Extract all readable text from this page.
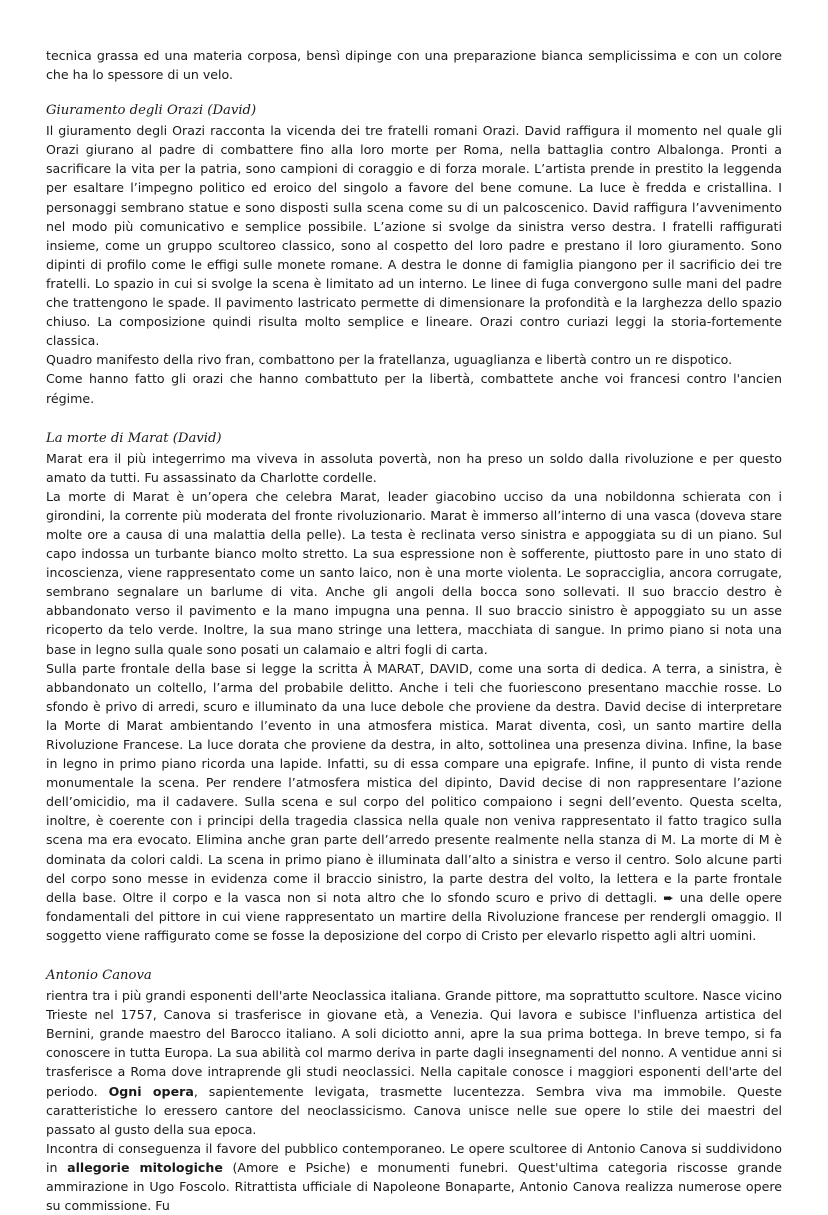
tecnica grassa ed una materia corposa, bensì dipinge con una preparazione bianca semplicissima e con un colore che ha lo spessore di un velo.

Giuramento degli Orazi (David)

Il giuramento degli Orazi racconta la vicenda dei tre fratelli romani Orazi. David raffigura il momento nel quale gli Orazi giurano al padre di combattere fino alla loro morte per Roma, nella battaglia contro Albalonga. Pronti a sacrificare la vita per la patria, sono campioni di coraggio e di forza morale. L’artista prende in prestito la leggenda per esaltare l’impegno politico ed eroico del singolo a favore del bene comune. La luce è fredda e cristallina. I personaggi sembrano statue e sono disposti sulla scena come su di un palcoscenico. David raffigura l’avvenimento nel modo più comunicativo e semplice possibile. L’azione si svolge da sinistra verso destra. I fratelli raffigurati insieme, come un gruppo scultoreo classico, sono al cospetto del loro padre e prestano il loro giuramento. Sono dipinti di profilo come le effigi sulle monete romane. A destra le donne di famiglia piangono per il sacrificio dei tre fratelli. Lo spazio in cui si svolge la scena è limitato ad un interno. Le linee di fuga convergono sulle mani del padre che trattengono le spade. Il pavimento lastricato permette di dimensionare la profondità e la larghezza dello spazio chiuso. La composizione quindi risulta molto semplice e lineare. Orazi contro curiazi leggi la storia-fortemente classica.

Quadro manifesto della rivo fran, combattono per la fratellanza, uguaglianza e libertà contro un re dispotico.

Come hanno fatto gli orazi che hanno combattuto per la libertà, combattete anche voi francesi contro l'ancien régime.

La morte di Marat (David)

Marat era il più integerrimo ma viveva in assoluta povertà, non ha preso un soldo dalla rivoluzione e per questo amato da tutti. Fu assassinato da Charlotte cordelle.

La morte di Marat è un’opera che celebra Marat, leader giacobino ucciso da una nobildonna schierata con i girondini, la corrente più moderata del fronte rivoluzionario. Marat è immerso all’interno di una vasca (doveva stare molte ore a causa di una malattia della pelle). La testa è reclinata verso sinistra e appoggiata su di un piano. Sul capo indossa un turbante bianco molto stretto. La sua espressione non è sofferente, piuttosto pare in uno stato di incoscienza, viene rappresentato come un santo laico, non è una morte violenta. Le sopracciglia, ancora corrugate, sembrano segnalare un barlume di vita. Anche gli angoli della bocca sono sollevati. Il suo braccio destro è abbandonato verso il pavimento e la mano impugna una penna. Il suo braccio sinistro è appoggiato su un asse ricoperto da telo verde. Inoltre, la sua mano stringe una lettera, macchiata di sangue. In primo piano si nota una base in legno sulla quale sono posati un calamaio e altri fogli di carta.

Sulla parte frontale della base si legge la scritta À MARAT, DAVID, come una sorta di dedica. A terra, a sinistra, è abbandonato un coltello, l’arma del probabile delitto. Anche i teli che fuoriescono presentano macchie rosse. Lo sfondo è privo di arredi, scuro e illuminato da una luce debole che proviene da destra. David decise di interpretare la Morte di Marat ambientando l’evento in una atmosfera mistica. Marat diventa, così, un santo martire della Rivoluzione Francese. La luce dorata che proviene da destra, in alto, sottolinea una presenza divina. Infine, la base in legno in primo piano ricorda una lapide. Infatti, su di essa compare una epigrafe. Infine, il punto di vista rende monumentale la scena. Per rendere l’atmosfera mistica del dipinto, David decise di non rappresentare l’azione dell’omicidio, ma il cadavere. Sulla scena e sul corpo del politico compaiono i segni dell’evento. Questa scelta, inoltre, è coerente con i principi della tragedia classica nella quale non veniva rappresentato il fatto tragico sulla scena ma era evocato. Elimina anche gran parte dell’arredo presente realmente nella stanza di M. La morte di M è dominata da colori caldi. La scena in primo piano è illuminata dall’alto a sinistra e verso il centro. Solo alcune parti del corpo sono messe in evidenza come il braccio sinistro, la parte destra del volto, la lettera e la parte frontale della base. Oltre il corpo e la vasca non si nota altro che lo sfondo scuro e privo di dettagli. ➨ una delle opere fondamentali del pittore in cui viene rappresentato un martire della Rivoluzione francese per rendergli omaggio. Il soggetto viene raffigurato come se fosse la deposizione del corpo di Cristo per elevarlo rispetto agli altri uomini.

Antonio Canova

rientra tra i più grandi esponenti dell'arte Neoclassica italiana. Grande pittore, ma soprattutto scultore. Nasce vicino Trieste nel 1757, Canova si trasferisce in giovane età, a Venezia. Qui lavora e subisce l'influenza artistica del Bernini, grande maestro del Barocco italiano. A soli diciotto anni, apre la sua prima bottega. In breve tempo, si fa conoscere in tutta Europa. La sua abilità col marmo deriva in parte dagli insegnamenti del nonno. A ventidue anni si trasferisce a Roma dove intraprende gli studi neoclassici. Nella capitale conosce i maggiori esponenti dell'arte del periodo. Ogni opera, sapientemente levigata, trasmette lucentezza. Sembra viva ma immobile. Queste caratteristiche lo eressero cantore del neoclassicismo. Canova unisce nelle sue opere lo stile dei maestri del passato al gusto della sua epoca.

Incontra di conseguenza il favore del pubblico contemporaneo. Le opere scultoree di Antonio Canova si suddividono in allegorie mitologiche (Amore e Psiche) e monumenti funebri. Quest'ultima categoria riscosse grande ammirazione in Ugo Foscolo. Ritrattista ufficiale di Napoleone Bonaparte, Antonio Canova realizza numerose opere su commissione. Fu
